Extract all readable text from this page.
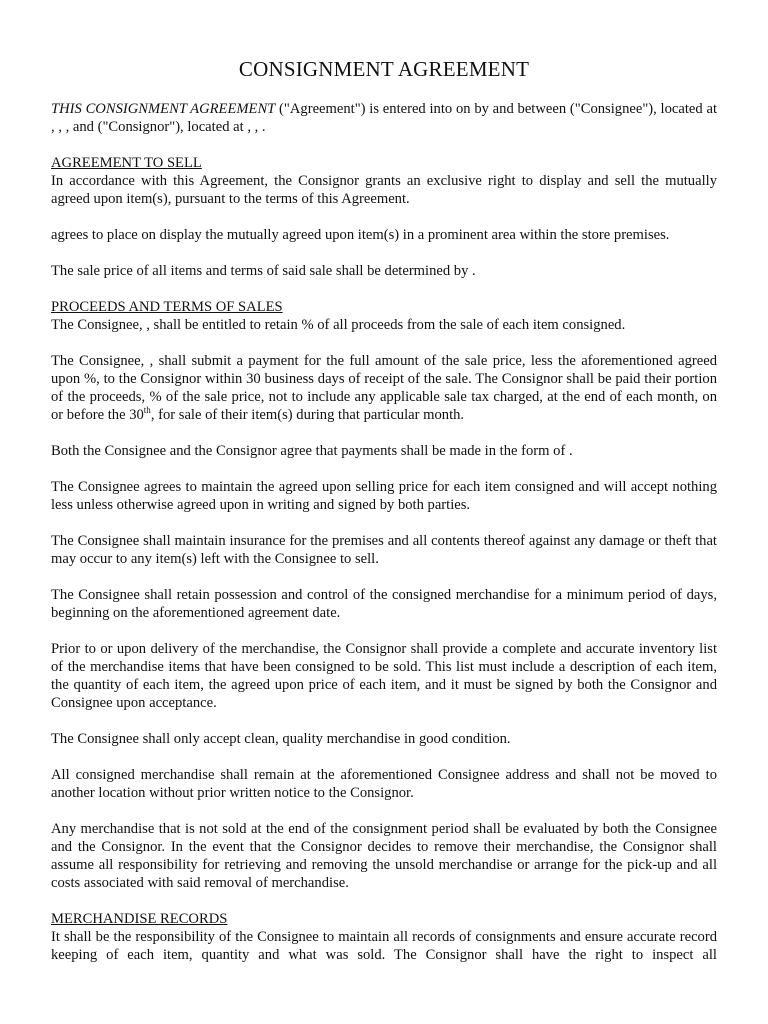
CONSIGNMENT AGREEMENT

THIS CONSIGNMENT AGREEMENT ("Agreement") is entered into on by and between ("Consignee"), located at , , , and ("Consignor"), located at , , .

AGREEMENT TO SELL

In accordance with this Agreement, the Consignor grants an exclusive right to display and sell the mutually agreed upon item(s), pursuant to the terms of this Agreement.

agrees to place on display the mutually agreed upon item(s) in a prominent area within the store premises.

The sale price of all items and terms of said sale shall be determined by .

PROCEEDS AND TERMS OF SALES

The Consignee, , shall be entitled to retain % of all proceeds from the sale of each item consigned.

The Consignee, , shall submit a payment for the full amount of the sale price, less the aforementioned agreed upon %, to the Consignor within 30 business days of receipt of the sale. The Consignor shall be paid their portion of the proceeds, % of the sale price, not to include any applicable sale tax charged, at the end of each month, on or before the 30th, for sale of their item(s) during that particular month.

Both the Consignee and the Consignor agree that payments shall be made in the form of .

The Consignee agrees to maintain the agreed upon selling price for each item consigned and will accept nothing less unless otherwise agreed upon in writing and signed by both parties.

The Consignee shall maintain insurance for the premises and all contents thereof against any damage or theft that may occur to any item(s) left with the Consignee to sell.

The Consignee shall retain possession and control of the consigned merchandise for a minimum period of days, beginning on the aforementioned agreement date.

Prior to or upon delivery of the merchandise, the Consignor shall provide a complete and accurate inventory list of the merchandise items that have been consigned to be sold. This list must include a description of each item, the quantity of each item, the agreed upon price of each item, and it must be signed by both the Consignor and Consignee upon acceptance.

The Consignee shall only accept clean, quality merchandise in good condition.

All consigned merchandise shall remain at the aforementioned Consignee address and shall not be moved to another location without prior written notice to the Consignor.

Any merchandise that is not sold at the end of the consignment period shall be evaluated by both the Consignee and the Consignor. In the event that the Consignor decides to remove their merchandise, the Consignor shall assume all responsibility for retrieving and removing the unsold merchandise or arrange for the pick-up and all costs associated with said removal of merchandise.

MERCHANDISE RECORDS

It shall be the responsibility of the Consignee to maintain all records of consignments and ensure accurate record keeping of each item, quantity and what was sold. The Consignor shall have the right to inspect all
